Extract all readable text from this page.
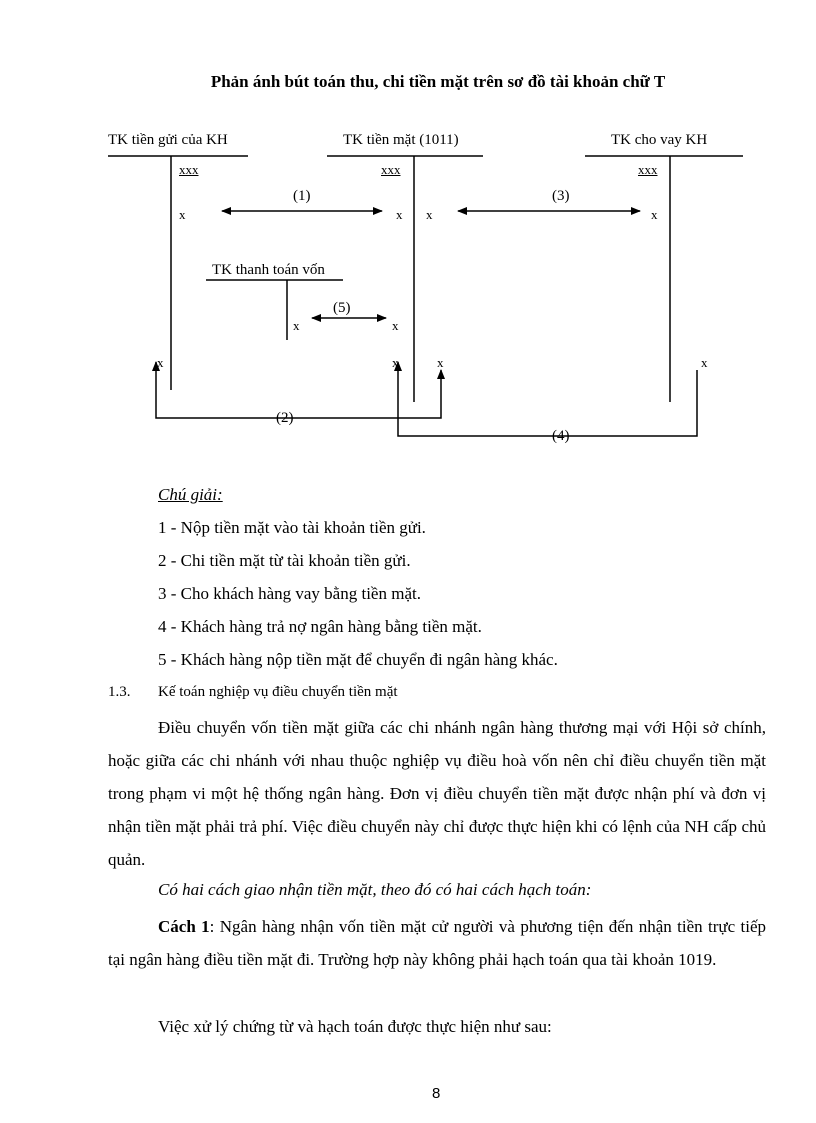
Phản ánh bút toán thu, chi tiền mặt trên sơ đồ tài khoản chữ T
TK tiền gửi của KH	TK tiền mặt (1011)	TK cho vay KH
TK thanh toán vốn
xxx	xxx	xxx
x	x x	x
x	x
x	x	x	x
(1)
(2)
(3)
(4)
(5)
Chú giải:
1 - Nộp tiền mặt vào tài khoản tiền gửi.
2 - Chi tiền mặt từ tài khoản tiền gửi.
3 - Cho khách hàng vay bằng tiền mặt.
4 - Khách hàng trả nợ ngân hàng bằng tiền mặt.
5 - Khách hàng nộp tiền mặt để chuyển đi ngân hàng khác.
1.3. Kế toán nghiệp vụ điều chuyển tiền mặt
Điều chuyển vốn tiền mặt giữa các chi nhánh ngân hàng thương mại với Hội sở chính, hoặc giữa các chi nhánh với nhau thuộc nghiệp vụ điều hoà vốn nên chỉ điều chuyển tiền mặt trong phạm vi một hệ thống ngân hàng. Đơn vị điều chuyển tiền mặt được nhận phí và đơn vị nhận tiền mặt phải trả phí. Việc điều chuyển này chỉ được thực hiện khi có lệnh của NH cấp chủ quản.
Có hai cách giao nhận tiền mặt, theo đó có hai cách hạch toán:
Cách 1: Ngân hàng nhận vốn tiền mặt cử người và phương tiện đến nhận tiền trực tiếp tại ngân hàng điều tiền mặt đi. Trường hợp này không phải hạch toán qua tài khoản 1019.
Việc xử lý chứng từ và hạch toán được thực hiện như sau:
8
